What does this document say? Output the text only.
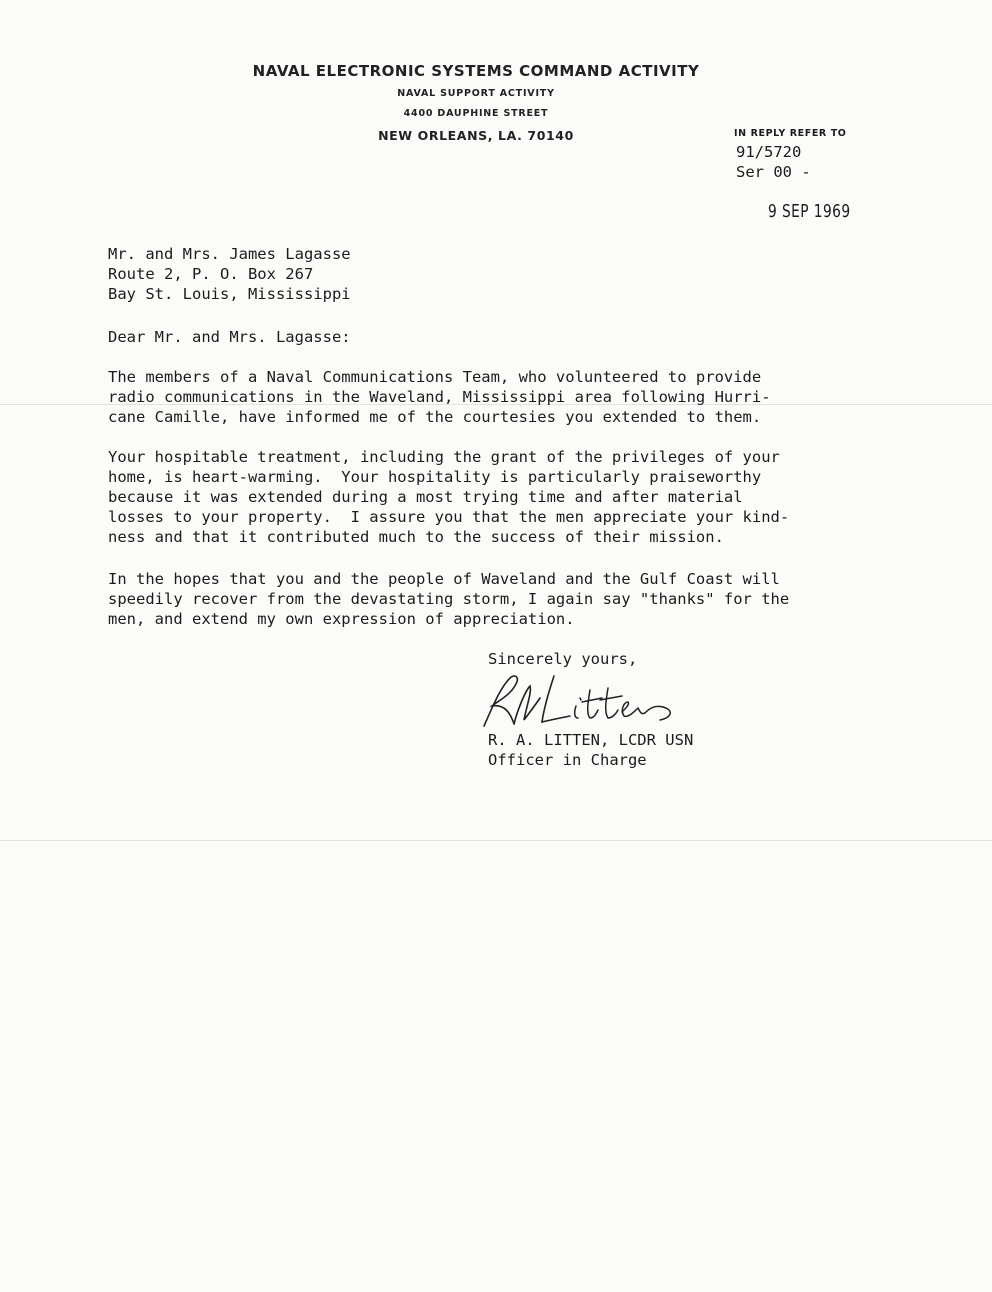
NAVAL ELECTRONIC SYSTEMS COMMAND ACTIVITY
NAVAL SUPPORT ACTIVITY
4400 DAUPHINE STREET
NEW ORLEANS, LA. 70140	IN REPLY REFER TO
91/5720
Ser 00 -
9 SEP 1969
Mr. and Mrs. James Lagasse
Route 2, P. O. Box 267
Bay St. Louis, Mississippi
Dear Mr. and Mrs. Lagasse:
The members of a Naval Communications Team, who volunteered to provide
radio communications in the Waveland, Mississippi area following Hurri-
cane Camille, have informed me of the courtesies you extended to them.
Your hospitable treatment, including the grant of the privileges of your
home, is heart-warming.  Your hospitality is particularly praiseworthy
because it was extended during a most trying time and after material
losses to your property.  I assure you that the men appreciate your kind-
ness and that it contributed much to the success of their mission.
In the hopes that you and the people of Waveland and the Gulf Coast will
speedily recover from the devastating storm, I again say "thanks" for the
men, and extend my own expression of appreciation.
Sincerely yours,
R. A. LITTEN, LCDR USN
Officer in Charge
